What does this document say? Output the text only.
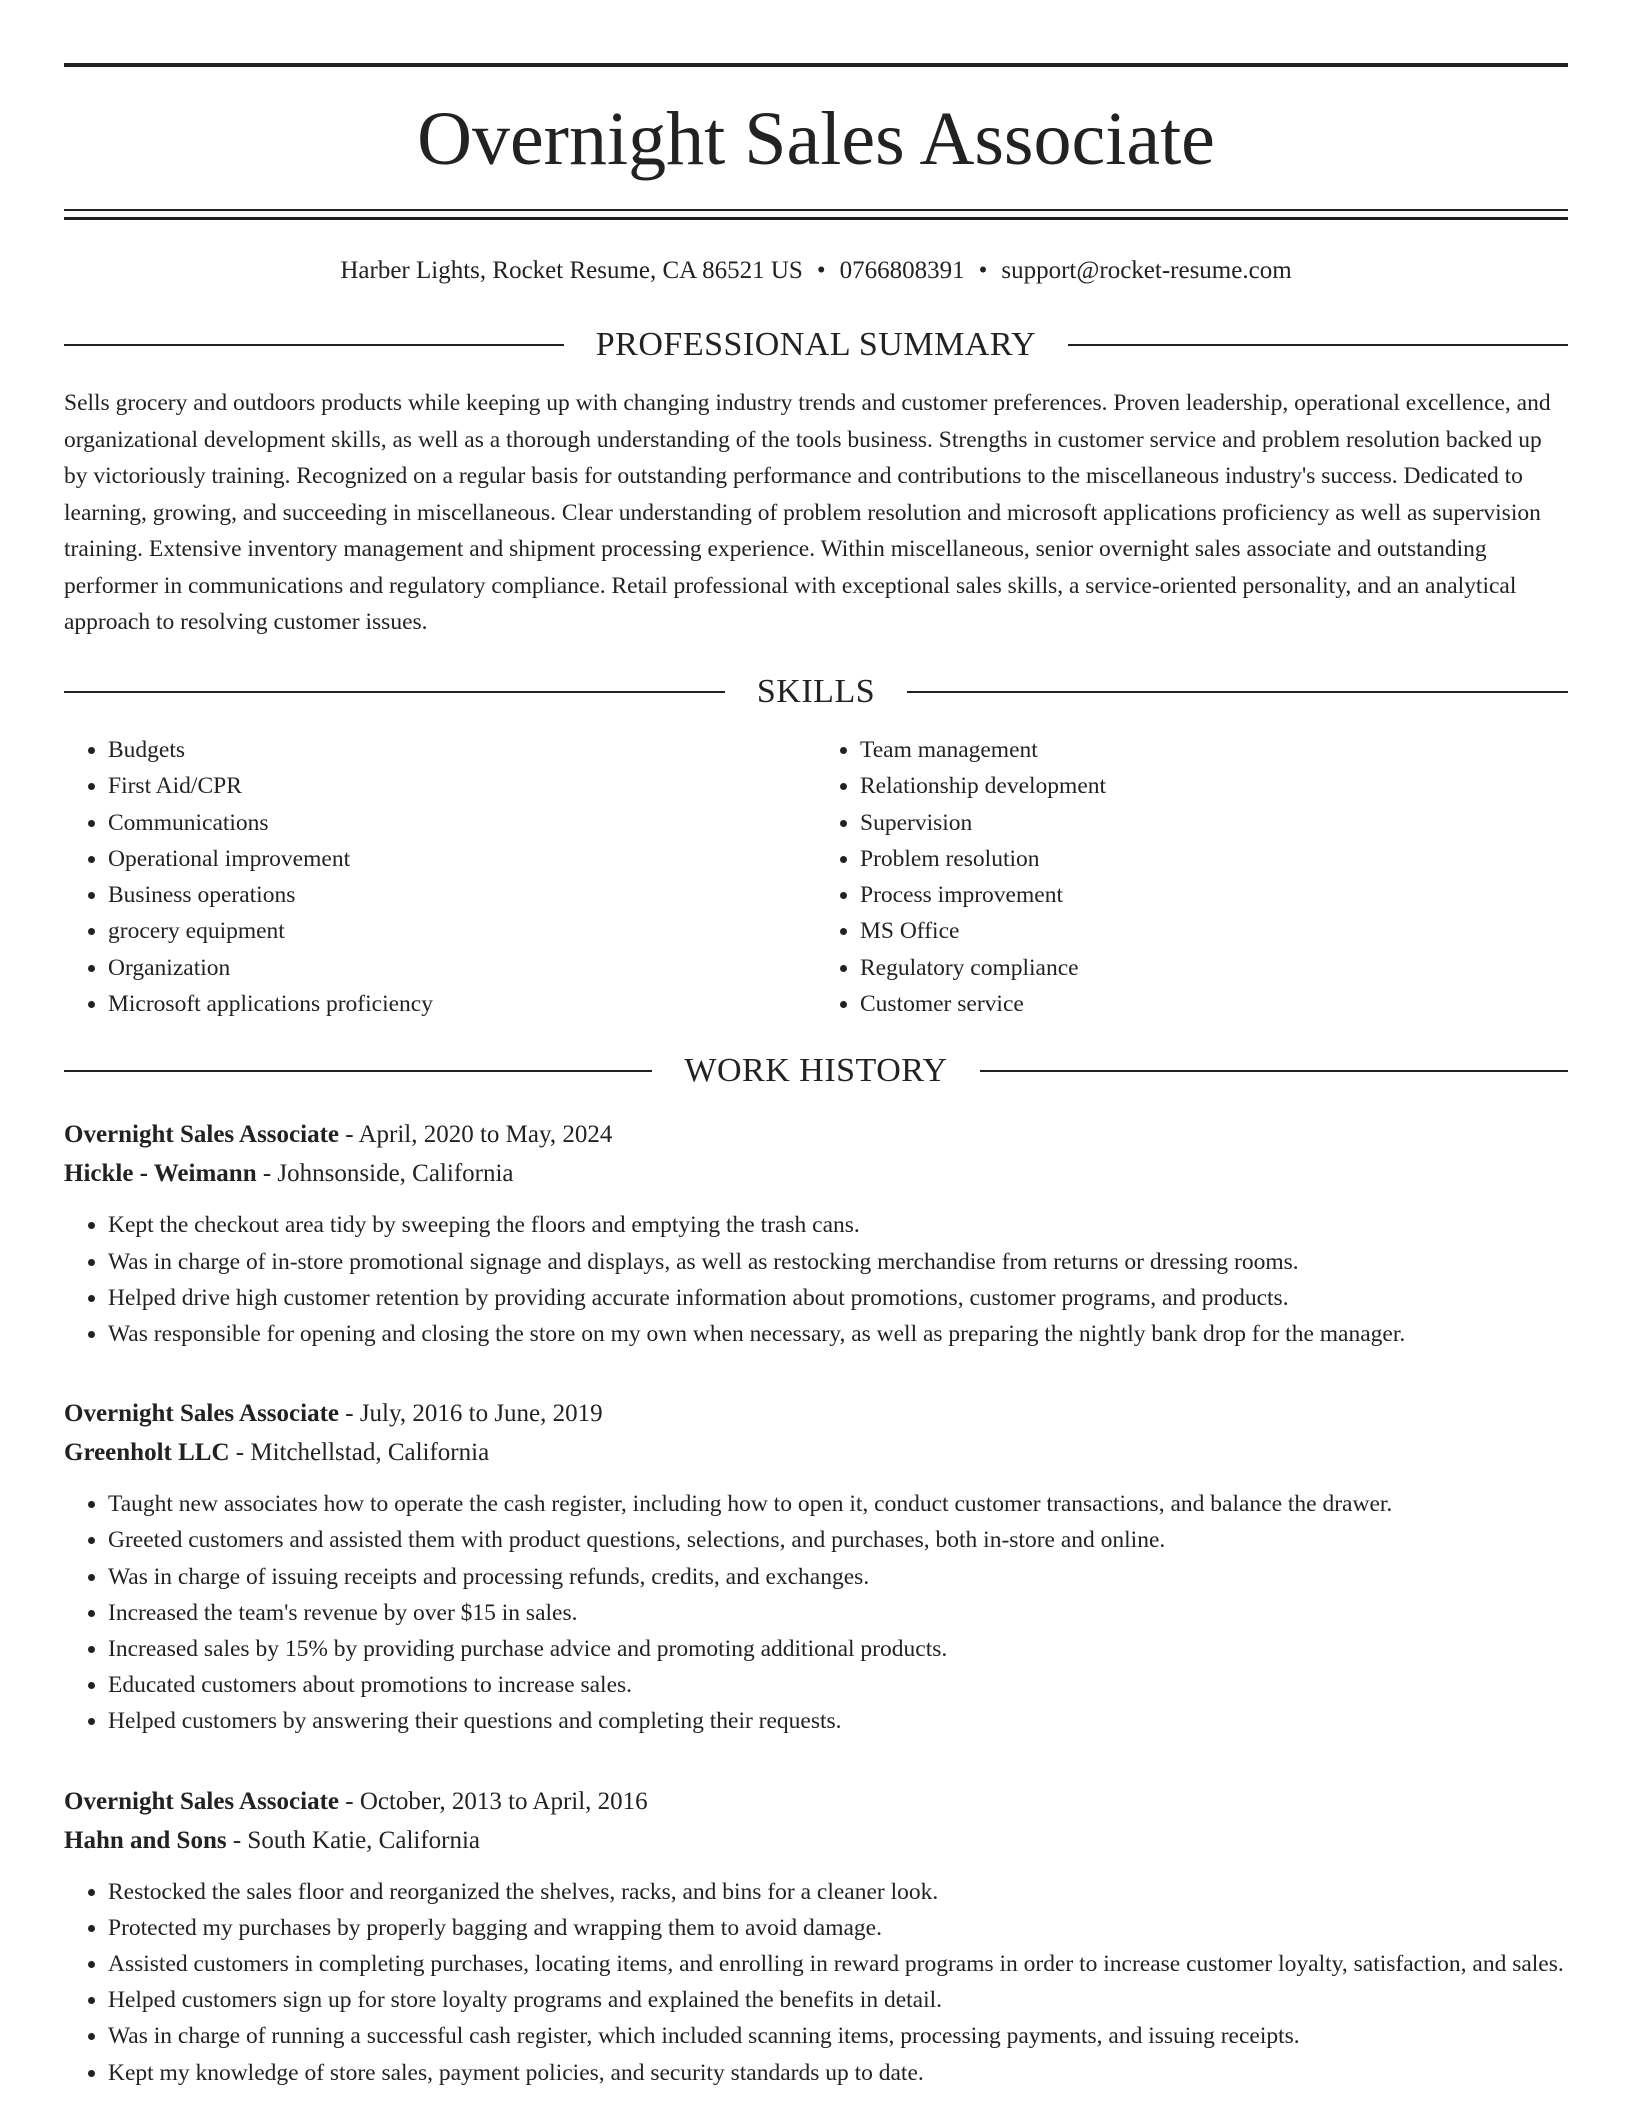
Overnight Sales Associate
Harber Lights, Rocket Resume, CA 86521 US • 0766808391 • support@rocket-resume.com
PROFESSIONAL SUMMARY
Sells grocery and outdoors products while keeping up with changing industry trends and customer preferences. Proven leadership, operational excellence, and organizational development skills, as well as a thorough understanding of the tools business. Strengths in customer service and problem resolution backed up by victoriously training. Recognized on a regular basis for outstanding performance and contributions to the miscellaneous industry's success. Dedicated to learning, growing, and succeeding in miscellaneous. Clear understanding of problem resolution and microsoft applications proficiency as well as supervision training. Extensive inventory management and shipment processing experience. Within miscellaneous, senior overnight sales associate and outstanding performer in communications and regulatory compliance. Retail professional with exceptional sales skills, a service-oriented personality, and an analytical approach to resolving customer issues.
SKILLS
• Budgets
• First Aid/CPR
• Communications
• Operational improvement
• Business operations
• grocery equipment
• Organization
• Microsoft applications proficiency
• Team management
• Relationship development
• Supervision
• Problem resolution
• Process improvement
• MS Office
• Regulatory compliance
• Customer service
WORK HISTORY
Overnight Sales Associate - April, 2020 to May, 2024
Hickle - Weimann - Johnsonside, California
• Kept the checkout area tidy by sweeping the floors and emptying the trash cans.
• Was in charge of in-store promotional signage and displays, as well as restocking merchandise from returns or dressing rooms.
• Helped drive high customer retention by providing accurate information about promotions, customer programs, and products.
• Was responsible for opening and closing the store on my own when necessary, as well as preparing the nightly bank drop for the manager.
Overnight Sales Associate - July, 2016 to June, 2019
Greenholt LLC - Mitchellstad, California
• Taught new associates how to operate the cash register, including how to open it, conduct customer transactions, and balance the drawer.
• Greeted customers and assisted them with product questions, selections, and purchases, both in-store and online.
• Was in charge of issuing receipts and processing refunds, credits, and exchanges.
• Increased the team's revenue by over $15 in sales.
• Increased sales by 15% by providing purchase advice and promoting additional products.
• Educated customers about promotions to increase sales.
• Helped customers by answering their questions and completing their requests.
Overnight Sales Associate - October, 2013 to April, 2016
Hahn and Sons - South Katie, California
• Restocked the sales floor and reorganized the shelves, racks, and bins for a cleaner look.
• Protected my purchases by properly bagging and wrapping them to avoid damage.
• Assisted customers in completing purchases, locating items, and enrolling in reward programs in order to increase customer loyalty, satisfaction, and sales.
• Helped customers sign up for store loyalty programs and explained the benefits in detail.
• Was in charge of running a successful cash register, which included scanning items, processing payments, and issuing receipts.
• Kept my knowledge of store sales, payment policies, and security standards up to date.
